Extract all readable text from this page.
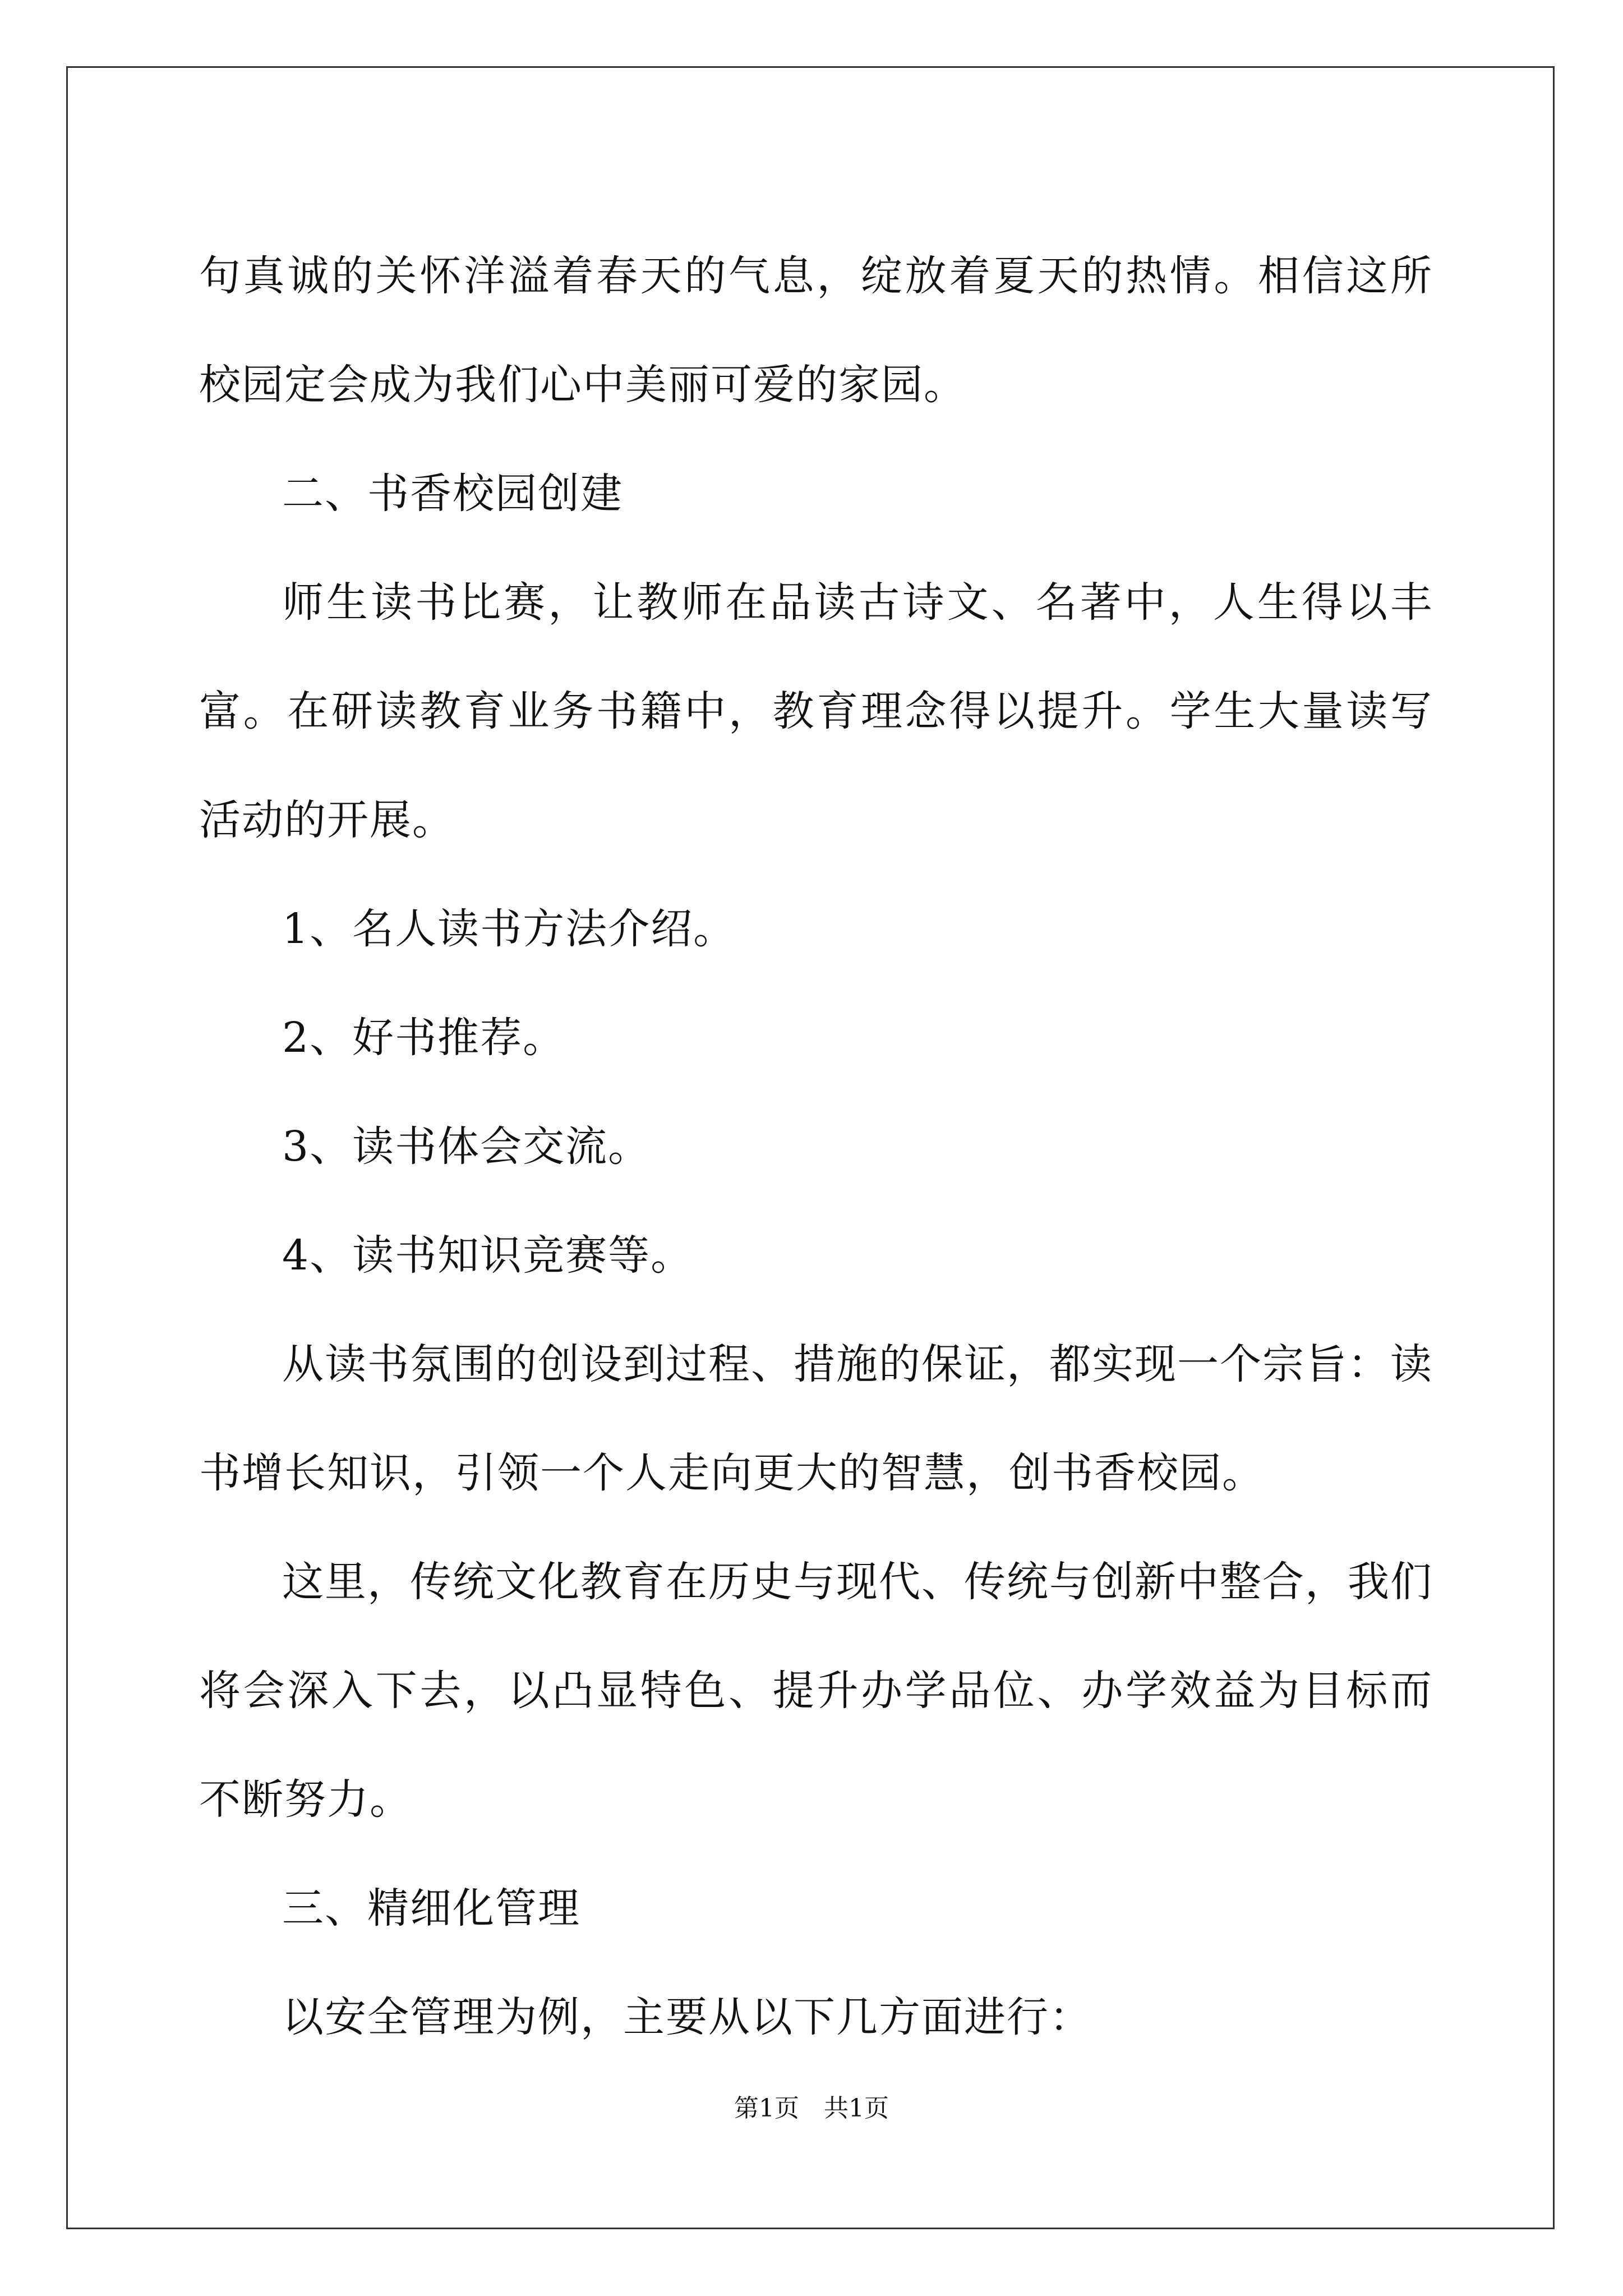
句真诚的关怀洋溢着春天的气息，绽放着夏天的热情。相信这所校园定会成为我们心中美丽可爱的家园。

二、书香校园创建

师生读书比赛，让教师在品读古诗文、名著中，人生得以丰富。在研读教育业务书籍中，教育理念得以提升。学生大量读写活动的开展。

1、名人读书方法介绍。

2、好书推荐。

3、读书体会交流。

4、读书知识竞赛等。

从读书氛围的创设到过程、措施的保证，都实现一个宗旨：读书增长知识，引领一个人走向更大的智慧，创书香校园。

这里，传统文化教育在历史与现代、传统与创新中整合，我们将会深入下去，以凸显特色、提升办学品位、办学效益为目标而不断努力。

三、精细化管理

以安全管理为例，主要从以下几方面进行：

第1页　共1页
